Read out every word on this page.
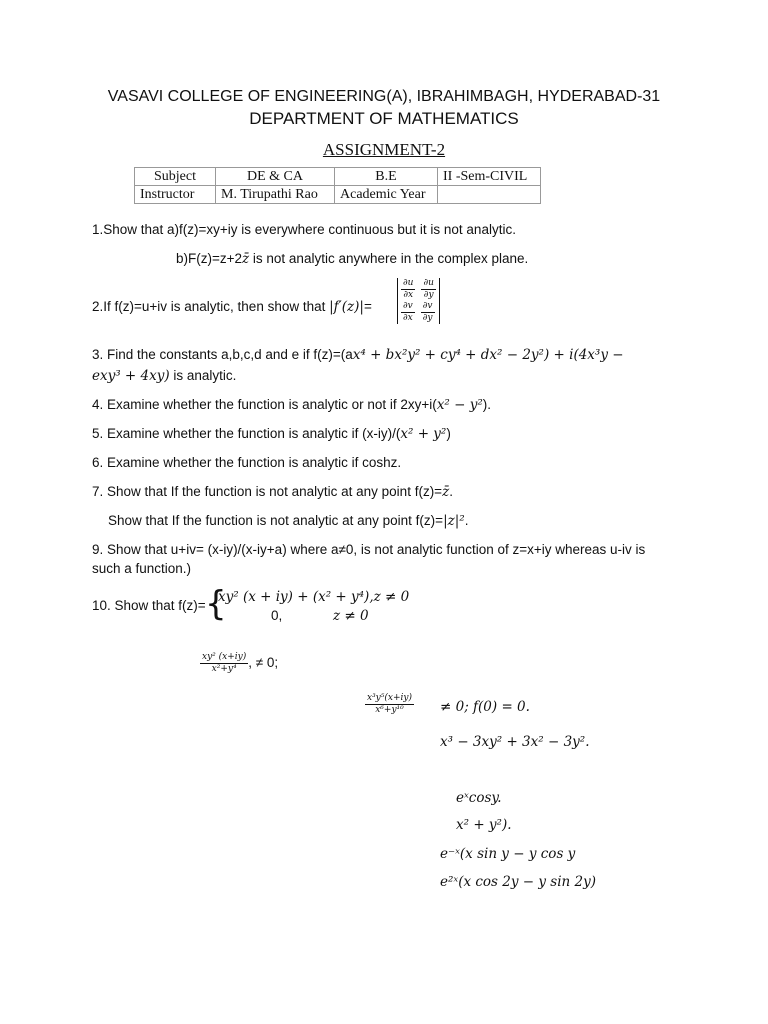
VASAVI COLLEGE OF ENGINEERING(A), IBRAHIMBAGH, HYDERABAD-31
DEPARTMENT OF MATHEMATICS
ASSIGNMENT-2
Subject	DE & CA	B.E	II -Sem-CIVIL
Instructor	M. Tirupathi Rao	Academic Year	
1.Show that a)f(z)=xy+iy is everywhere continuous but it is not analytic.
b)F(z)=z+2z̄ is not analytic anywhere in the complex plane.
2.If f(z)=u+iv is analytic, then show that |f′(z)|=
$\frac{\partial u}{\partial x} \frac{\partial u}{\partial y}$
$\frac{\partial v}{\partial x} \frac{\partial v}{\partial y}$
3. Find the constants a,b,c,d and e if f(z)=(ax⁴ + bx²y² + cy⁴ + dx² − 2y²) + i(4x³y −
exy³ + 4xy) is analytic.
4. Examine whether the function is analytic or not if 2xy+i(x² − y²).
5. Examine whether the function is analytic if (x-iy)/(x² + y²)
6. Examine whether the function is analytic if coshz.
7. Show that If the function is not analytic at any point f(z)=z̄.
Show that If the function is not analytic at any point f(z)=|z|².
9. Show that u+iv= (x-iy)/(x-iy+a) where a≠0, is not analytic function of z=x+iy whereas u-iv is
such a function.)
10. Show that f(z)= {
xy² (x + iy) + (x² + y⁴),z ≠ 0
0,	z ≠ 0
$\frac{\text{xy² (x+iy)}}{\text{x²+y⁴}}$ , ≠ 0;
$\frac{\text{x³y⁵(x+iy)}}{\text{x⁶+y¹⁰}} \ne 0$; f(0) = 0.
x³ − 3xy² + 3x² − 3y².
eˣcosy.
x² + y²).
e⁻ˣ(x sin y − y cos y
e²ˣ(x cos 2y − y sin 2y)
